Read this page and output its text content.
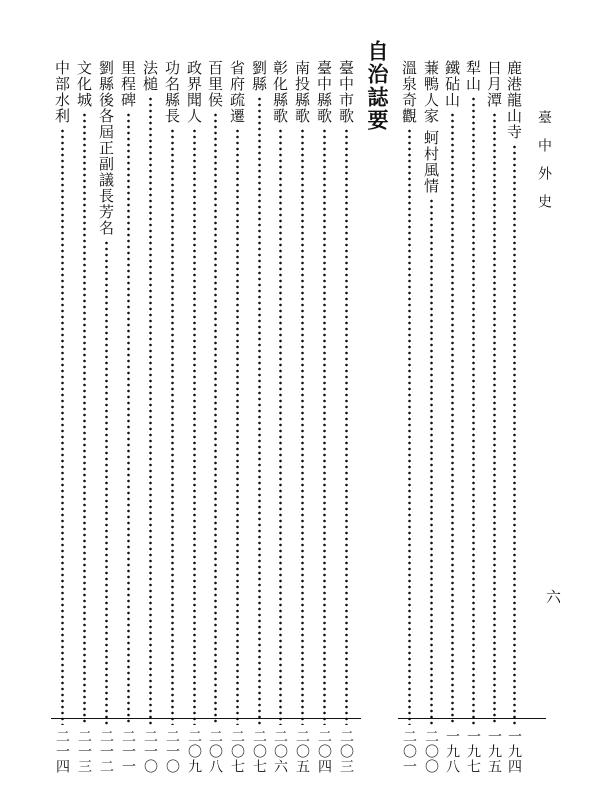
臺中外史
六
自治誌要	鹿港龍山寺
一九四
日月潭
一九五
犁山
一九七
鐵砧山
一九八
蒹鴨人家 蚵村風情
二〇〇
溫泉奇觀
二〇一
臺中市歌
二〇三
臺中縣歌
二〇四
南投縣歌
二〇五
彰化縣歌
二〇六
劉縣
二〇七
省府疏遷
二〇七
百里侯
二〇八
政界聞人
二〇九
功名縣長
二一〇
法槌
二一〇
里程碑
二一一
劉縣後各屆正副議長芳名
二一二
文化城
二一三
中部水利
二一四
